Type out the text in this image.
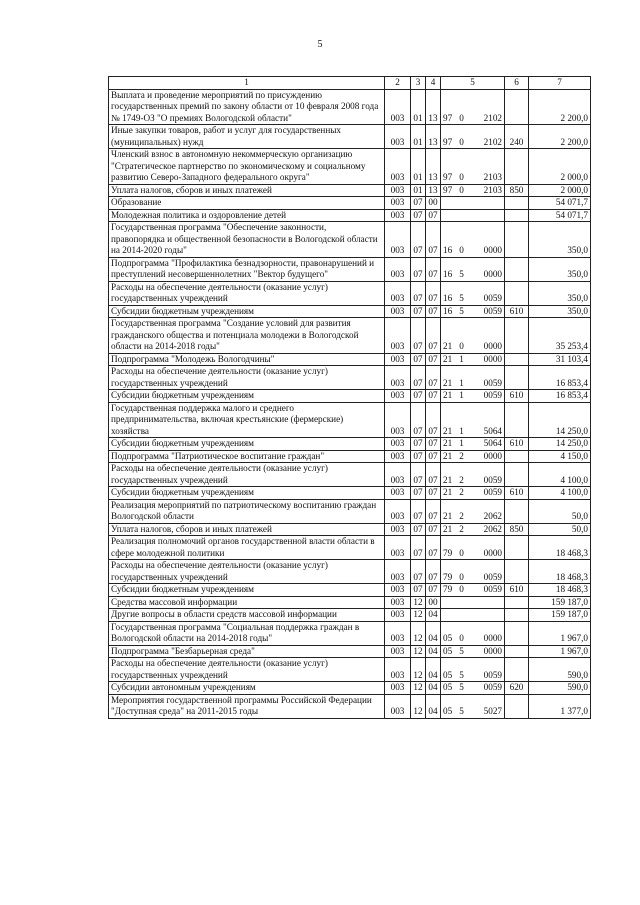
5
1	2	3	4	5	6	7
Выплата и проведение мероприятий по присуждению государственных премий по закону области от 10 февраля 2008 года № 1749-ОЗ "О премиях Вологодской области"	003	01	13	97 0 2102		2 200,0
Иные закупки товаров, работ и услуг для государственных (муниципальных) нужд	003	01	13	97 0 2102	240	2 200,0
Членский взнос в автономную некоммерческую организацию "Стратегическое партнерство по экономическому и социальному развитию Северо-Западного федерального округа"	003	01	13	97 0 2103		2 000,0
Уплата налогов, сборов и иных платежей	003	01	13	97 0 2103	850	2 000,0
Образование	003	07	00			54 071,7
Молодежная политика и оздоровление детей	003	07	07			54 071,7
Государственная программа "Обеспечение законности, правопорядка и общественной безопасности в Вологодской области на 2014-2020 годы"	003	07	07	16 0 0000		350,0
Подпрограмма "Профилактика безнадзорности, правонарушений и преступлений несовершеннолетних "Вектор будущего"	003	07	07	16 5 0000		350,0
Расходы на обеспечение деятельности (оказание услуг) государственных учреждений	003	07	07	16 5 0059		350,0
Субсидии бюджетным учреждениям	003	07	07	16 5 0059	610	350,0
Государственная программа "Создание условий для развития гражданского общества и потенциала молодежи в Вологодской области на 2014-2018 годы"	003	07	07	21 0 0000		35 253,4
Подпрограмма "Молодежь Вологодчины"	003	07	07	21 1 0000		31 103,4
Расходы на обеспечение деятельности (оказание услуг) государственных учреждений	003	07	07	21 1 0059		16 853,4
Субсидии бюджетным учреждениям	003	07	07	21 1 0059	610	16 853,4
Государственная поддержка малого и среднего предпринимательства, включая крестьянские (фермерские) хозяйства	003	07	07	21 1 5064		14 250,0
Субсидии бюджетным учреждениям	003	07	07	21 1 5064	610	14 250,0
Подпрограмма "Патриотическое воспитание граждан"	003	07	07	21 2 0000		4 150,0
Расходы на обеспечение деятельности (оказание услуг) государственных учреждений	003	07	07	21 2 0059		4 100,0
Субсидии бюджетным учреждениям	003	07	07	21 2 0059	610	4 100,0
Реализация мероприятий по патриотическому воспитанию граждан Вологодской области	003	07	07	21 2 2062		50,0
Уплата налогов, сборов и иных платежей	003	07	07	21 2 2062	850	50,0
Реализация полномочий органов государственной власти области в сфере молодежной политики	003	07	07	79 0 0000		18 468,3
Расходы на обеспечение деятельности (оказание услуг) государственных учреждений	003	07	07	79 0 0059		18 468,3
Субсидии бюджетным учреждениям	003	07	07	79 0 0059	610	18 468,3
Средства массовой информации	003	12	00			159 187,0
Другие вопросы в области средств массовой информации	003	12	04			159 187,0
Государственная программа "Социальная поддержка граждан в Вологодской области на 2014-2018 годы"	003	12	04	05 0 0000		1 967,0
Подпрограмма "Безбарьерная среда"	003	12	04	05 5 0000		1 967,0
Расходы на обеспечение деятельности (оказание услуг) государственных учреждений	003	12	04	05 5 0059		590,0
Субсидии автономным учреждениям	003	12	04	05 5 0059	620	590,0
Мероприятия государственной программы Российской Федерации "Доступная среда" на 2011-2015 годы	003	12	04	05 5 5027		1 377,0
